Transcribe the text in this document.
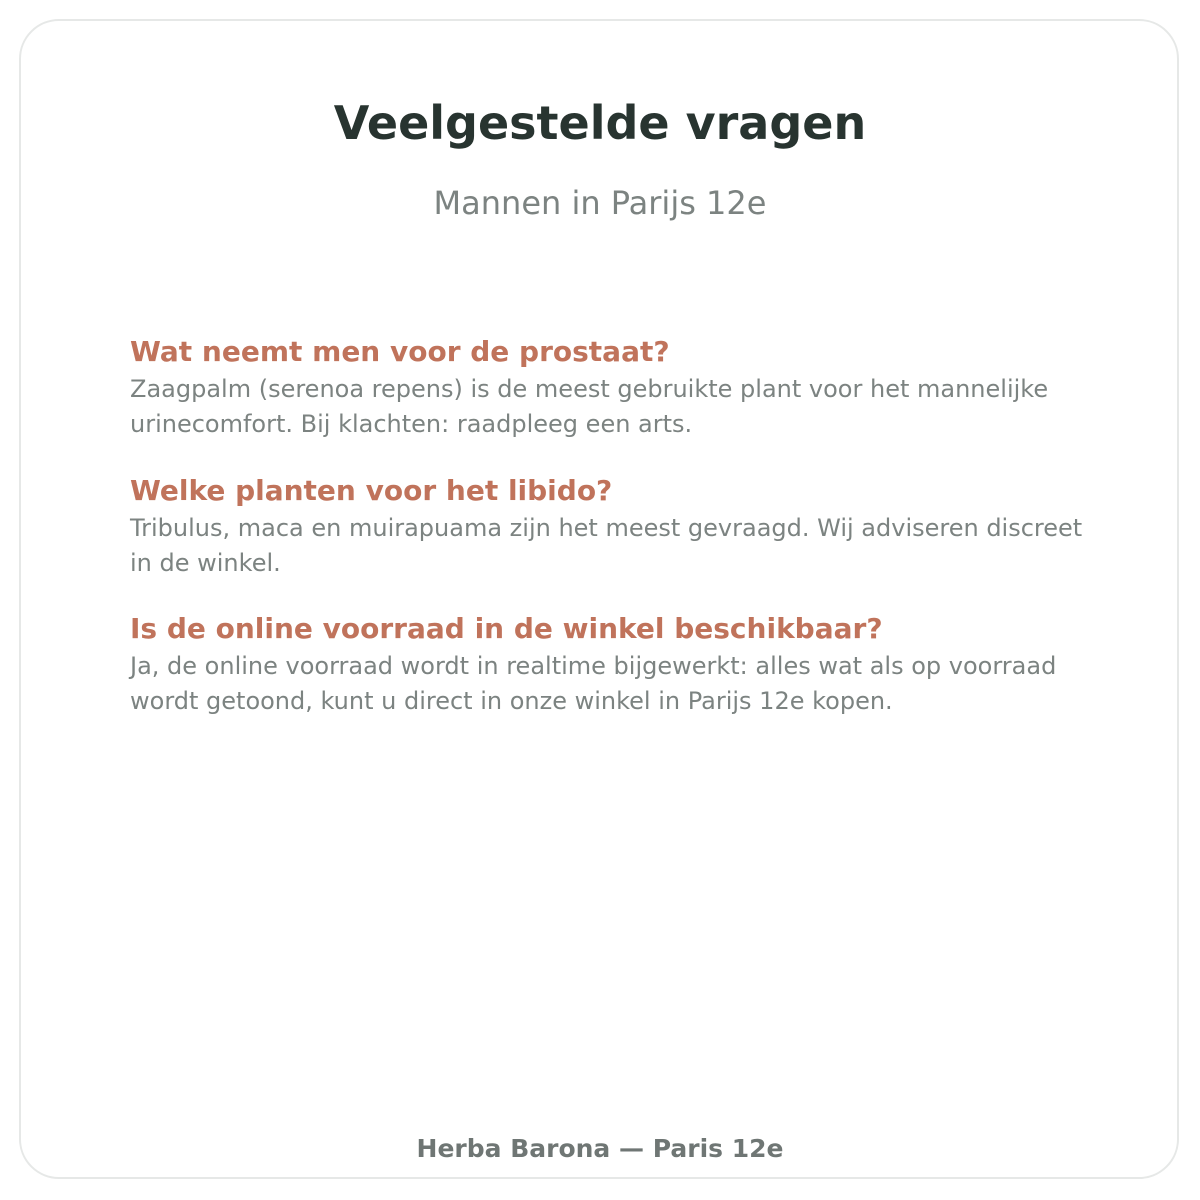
Veelgestelde vragen

Mannen in Parijs 12e

Wat neemt men voor de prostaat?

Zaagpalm (serenoa repens) is de meest gebruikte plant voor het mannelijke urinecomfort. Bij klachten: raadpleeg een arts.

Welke planten voor het libido?

Tribulus, maca en muirapuama zijn het meest gevraagd. Wij adviseren discreet in de winkel.

Is de online voorraad in de winkel beschikbaar?

Ja, de online voorraad wordt in realtime bijgewerkt: alles wat als op voorraad wordt getoond, kunt u direct in onze winkel in Parijs 12e kopen.

Herba Barona — Paris 12e
